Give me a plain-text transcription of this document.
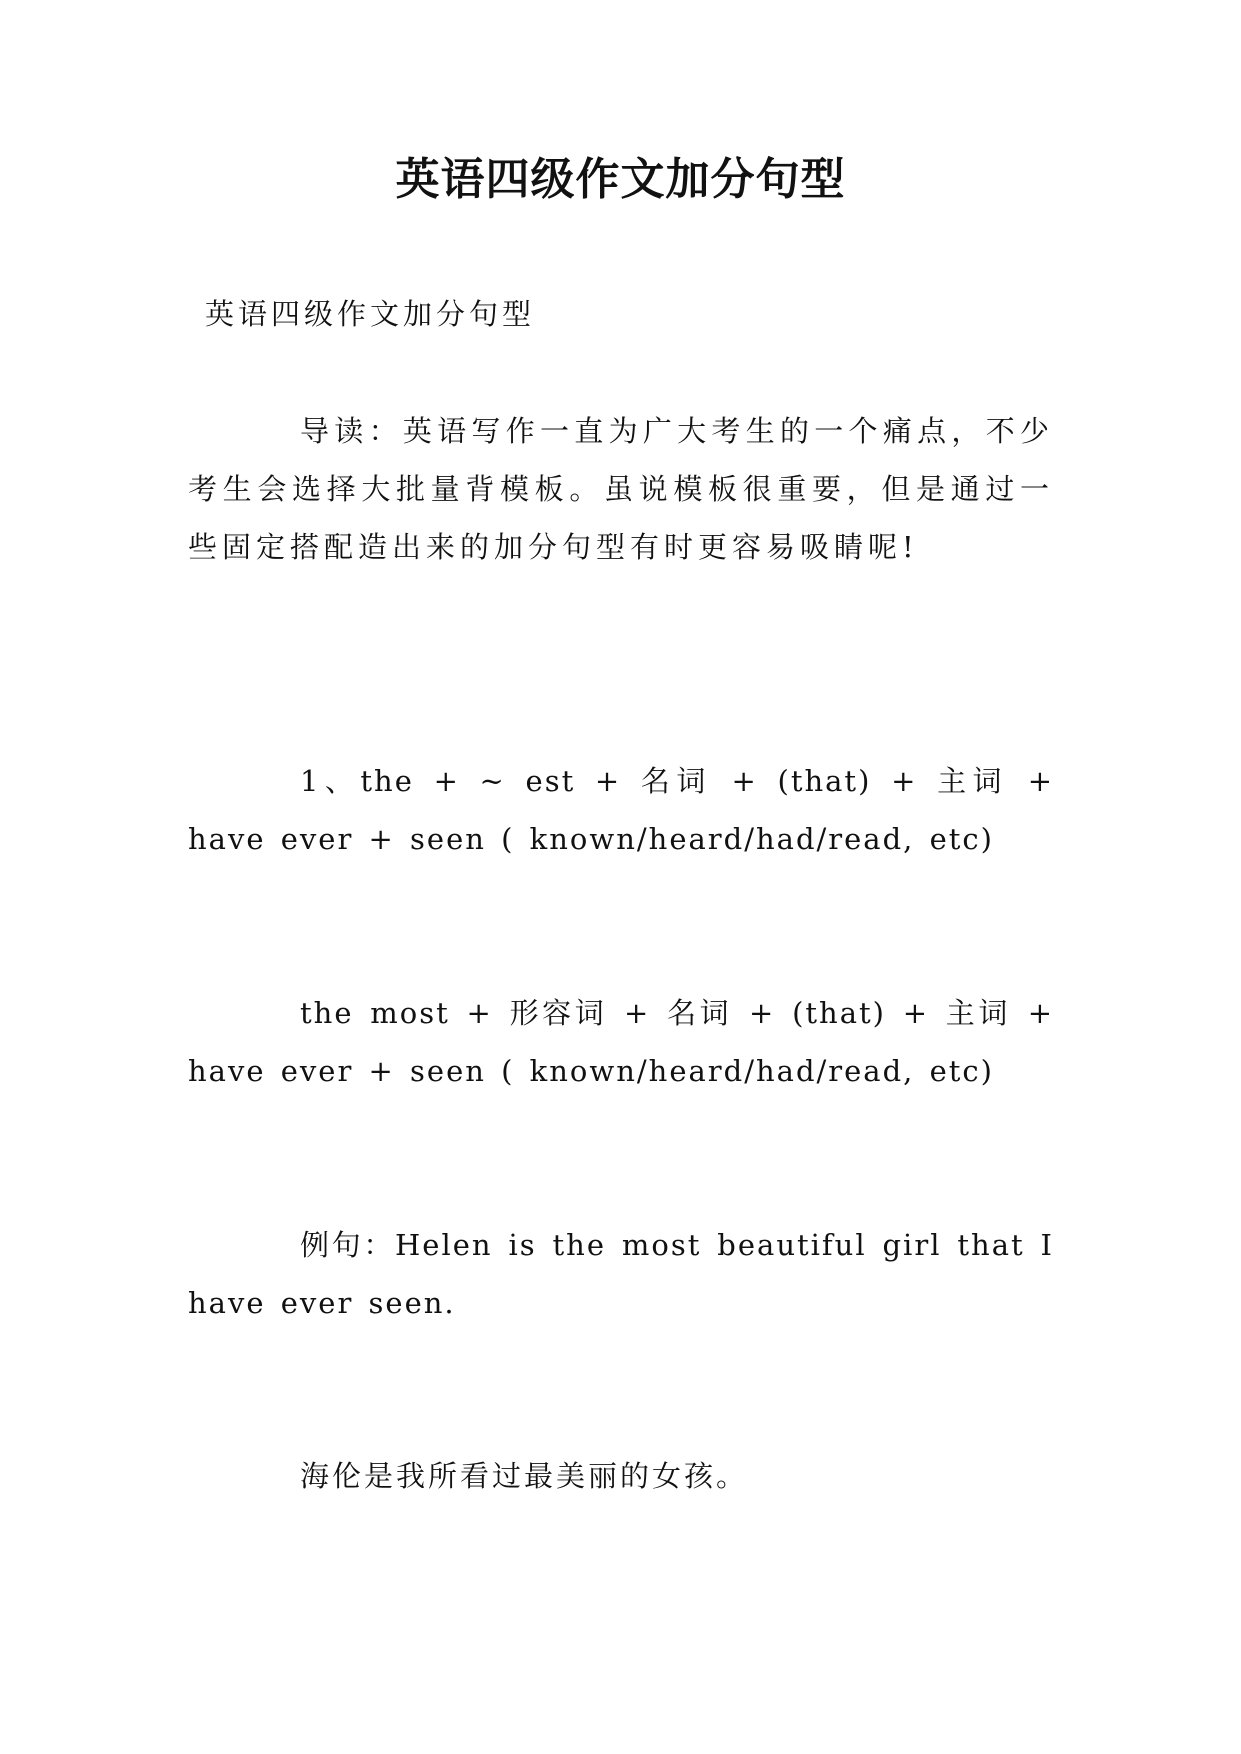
英语四级作文加分句型

英语四级作文加分句型

导读：英语写作一直为广大考生的一个痛点，不少考生会选择大批量背模板。虽说模板很重要，但是通过一些固定搭配造出来的加分句型有时更容易吸睛呢!

1、the + ~ est + 名词 + (that) + 主词 + have ever + seen ( known/heard/had/read, etc)

the most + 形容词 + 名词 + (that) + 主词 + have ever + seen ( known/heard/had/read, etc)

例句：Helen is the most beautiful girl that I have ever seen.

海伦是我所看过最美丽的女孩。
